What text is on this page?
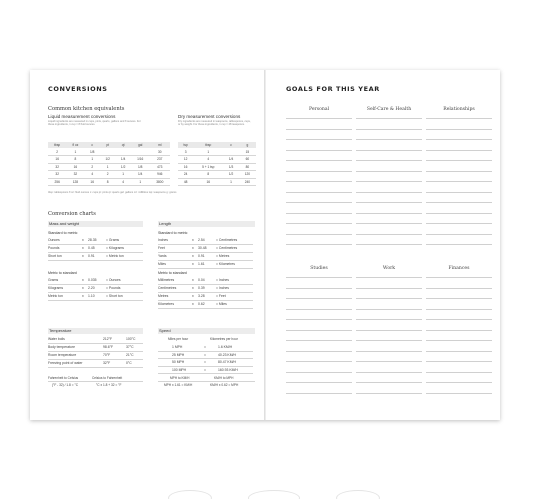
CONVERSIONS
Common kitchen equivalents
Liquid measurement conversions
Liquid ingredients are measured in cups, pints, quarts, gallons and fl ounces. For these ingredients, 1 cup = 8 fluid ounces.
Dry measurement conversions
Dry ingredients are measured in teaspoons, tablespoons, cups, or by weight. For these ingredients, 1 cup = 48 teaspoons.
tbsp	fl oz	c	pt	qt	gal	ml
2	1	1/8				30
16	8	1	1/2	1/4	1/16	237
32	16	2	1	1/2	1/8	473
32	32	4	2	1	1/4	946
256	128	16	8	4	1	3800
tsp	tbsp	c	g
3	1		15
12	4	1/4	60
16	5 + 1 tsp	1/3	80
24	8	1/2	120
48	16	1	240
tbsp: tablespoons fl oz: fluid ounces c: cups pt: pints qt: quarts gal: gallons ml: millilitres tsp: teaspoons g: grams
Conversion charts
Mass and weight
Standard to metric
Ounces	x 28.35	= Grams
Pounds	x 0.45	= Kilograms
Short ton	x 0.91	= Metric ton
Metric to standard
Grams	x 0.035	= Ounces
Kilograms	x 2.20	= Pounds
Metric ton	x 1.10	= Short ton
Length
Standard to metric
Inches	x 2.54	= Centimetres
Feet	x 30.48	= Centimetres
Yards	x 0.91	= Metres
Miles	x 1.61	= Kilometres
Metric to standard
Millimetres	x 0.04	= Inches
Centimetres	x 0.39	= Inches
Metres	x 3.28	= Feet
Kilometres	x 0.62	= Miles
Temperature
Water boils	212°F	100°C
Body temperature	98.6°F	37°C
Room temperature	70°F	21°C
Freezing point of water	32°F	0°C
Fahrenheit to Celsius	Celsius to Fahrenheit
(°F - 32) / 1.8 = °C	°C x 1.8 + 32 = °F
Speed
Miles per hour	Kilometres per hour
1 MPH	=	1.6 KM/H
25 MPH	=	40.23 KM/H
50 MPH	=	80.47 KM/H
100 MPH	=	160.93 KM/H
MPH to KM/H	KM/H to MPH
MPH x 1.61 = KM/H	KM/H x 0.62 = MPH
GOALS FOR THIS YEAR
Personal	Self-Care & Health	Relationships
Studies	Work	Finances
